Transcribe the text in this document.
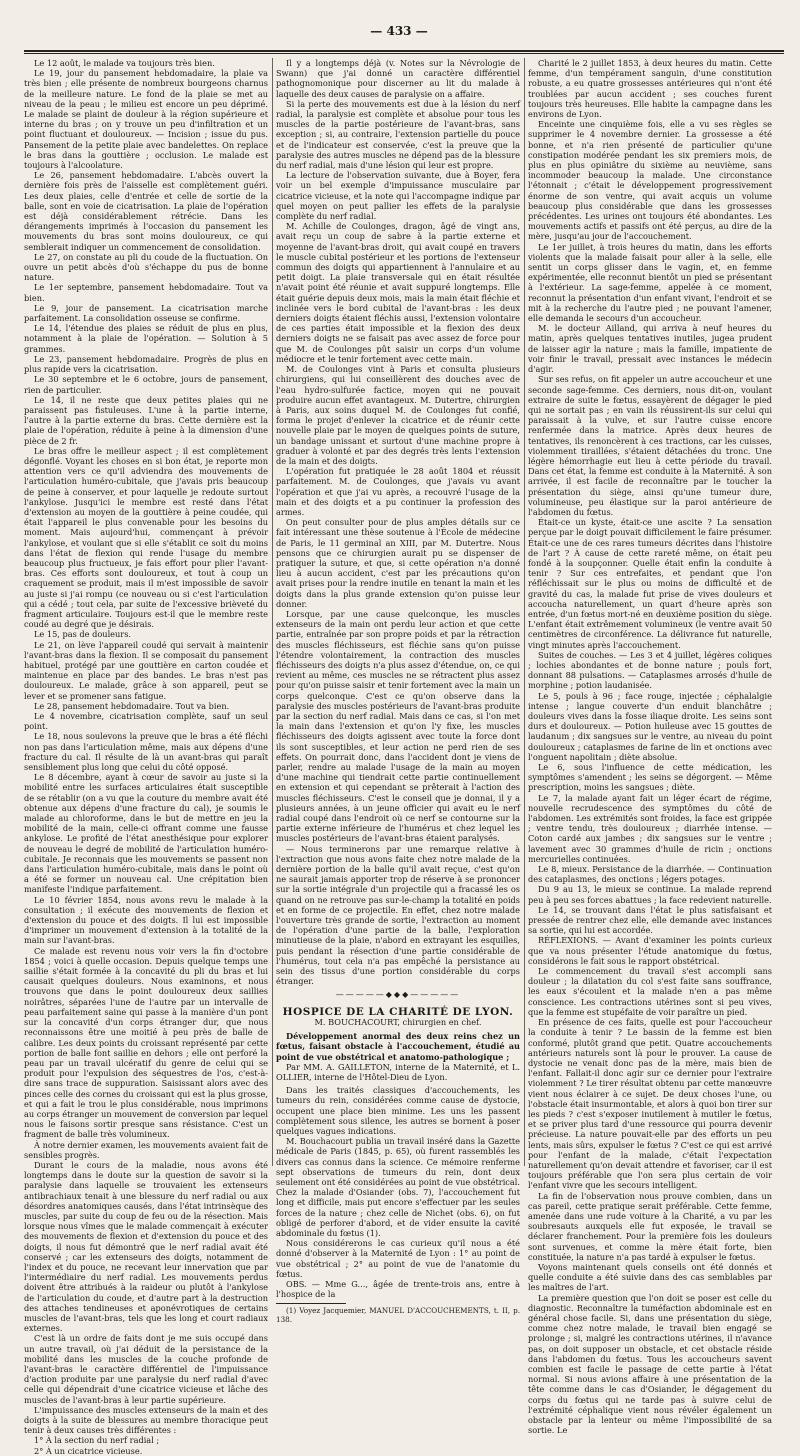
— 433 —

Le 12 août, le malade va toujours très bien.

Le 19, jour du pansement hebdomadaire, la plaie va très bien ; elle présente de nombreux bourgeons charnus de la meilleure nature. Le fond de la plaie se met au niveau de la peau ; le milieu est encore un peu déprimé. Le malade se plaint de douleur à la région supérieure et interne du bras ; on y trouve un peu d'infiltration et un point fluctuant et douloureux. — Incision ; issue du pus. Pansement de la petite plaie avec bandelettes. On replace le bras dans la gouttière ; occlusion. Le malade est toujours à l'alcoolature.

Le 26, pansement hebdomadaire. L'abcès ouvert la dernière fois près de l'aisselle est complètement guéri. Les deux plaies, celle d'entrée et celle de sortie de la balle, sont en voie de cicatrisation. La plaie de l'opération est déjà considérablement rétrécie. Dans les dérangements imprimés à l'occasion du pansement les mouvements du bras sont moins douloureux, ce qui semblerait indiquer un commencement de consolidation.

Le 27, on constate au pli du coude de la fluctuation. On ouvre un petit abcès d'où s'échappe du pus de bonne nature.

Le 1er septembre, pansement hebdomadaire. Tout va bien.

Le 9, jour de pansement. La cicatrisation marche parfaitement. La consolidation osseuse se confirme.

Le 14, l'étendue des plaies se réduit de plus en plus, notamment à la plaie de l'opération. — Solution à 5 grammes.

Le 23, pansement hebdomadaire. Progrès de plus en plus rapide vers la cicatrisation.

Le 30 septembre et le 6 octobre, jours de pansement, rien de particulier.

Le 14, il ne reste que deux petites plaies qui ne paraissent pas fistuleuses. L'une à la partie interne, l'autre à la partie externe du bras. Cette dernière est la plaie de l'opération, réduite à peine à la dimension d'une pièce de 2 fr.

Le bras offre le meilleur aspect ; il est complètement dégonflé. Voyant les choses en si bon état, je reporte mon attention vers ce qu'il adviendra des mouvements de l'articulation huméro-cubitale, que j'avais pris beaucoup de peine à conserver, et pour laquelle je redoute surtout l'ankylose. Jusqu'ici le membre est resté dans l'état d'extension au moyen de la gouttière à peine coudée, qui était l'appareil le plus convenable pour les besoins du moment. Mais aujourd'hui, commençant à prévoir l'ankylose, et voulant que si elle s'établit ce soit du moins dans l'état de flexion qui rende l'usage du membre beaucoup plus fructueux, je fais effort pour plier l'avant-bras. Ces efforts sont douloureux, et tout à coup un craquement se produit, mais il m'est impossible de savoir au juste si j'ai rompu (ce nouveau ou si c'est l'articulation qui a cédé ; tout cela, par suite de l'excessive brièveté du fragment articulaire. Toujours est-il que le membre reste coudé au degré que je désirais.

Le 15, pas de douleurs.

Le 21, on lève l'appareil coudé qui servait à maintenir l'avant-bras dans la flexion. Il se composait du pansement habituel, protégé par une gouttière en carton coudée et maintenue en place par des bandes. Le bras n'est pas douloureux. Le malade, grâce à son appareil, peut se lever et se promener sans fatigue.

Le 28, pansement hebdomadaire. Tout va bien.

Le 4 novembre, cicatrisation complète, sauf un seul point.

Le 18, nous soulevons la preuve que le bras a été fléchi non pas dans l'articulation même, mais aux dépens d'une fracture du cal. Il résulte de là un avant-bras qui paraît sensiblement plus long que celui du côté opposé.

Le 8 décembre, ayant à cœur de savoir au juste si la mobilité entre les surfaces articulaires était susceptible de se rétablir (on a vu que la couture du membre avait été obtenue aux dépens d'une fracture du cal), je soumis le malade au chloroforme, dans le but de mettre en jeu la mobilité de la main, celle-ci offrant comme une fausse ankylose. Le profité de l'état anesthésique pour explorer de nouveau le degré de mobilité de l'articulation huméro-cubitale. Je reconnais que les mouvements se passent non dans l'articulation huméro-cubitale, mais dans le point où a été se former un nouveau cal. Une crépitation bien manifeste l'indique parfaitement.

Le 10 février 1854, nous avons revu le malade à la consultation ; il exécute des mouvements de flexion et d'extension du pouce et des doigts. Il lui est impossible d'imprimer un mouvement d'extension à la totalité de la main sur l'avant-bras.

Ce malade est revenu nous voir vers la fin d'octobre 1854 ; voici à quelle occasion. Depuis quelque temps une saillie s'était formée à la concavité du pli du bras et lui causait quelques douleurs. Nous examinons, et nous trouvons que dans le point douloureux deux saillies noirâtres, séparées l'une de l'autre par un intervalle de peau parfaitement saine qui passe à la manière d'un pont sur la concavité d'un corps étranger dur, que nous reconnaissons être une moitié à peu près de balle de calibre. Les deux points du croissant représenté par cette portion de balle font saillie en dehors ; elle ont perforé la peau par un travail ulcératif du genre de celui qui se produit pour l'expulsion des séquestres de l'os, c'est-à-dire sans trace de suppuration. Saisissant alors avec des pinces celle des cornes du croissant qui est la plus grosse, et qui a fait le trou le plus considérable, nous imprimons au corps étranger un mouvement de conversion par lequel nous le faisons sortir presque sans résistance. C'est un fragment de balle très volumineux.

À notre dernier examen, les mouvements avaient fait de sensibles progrès.

Durant le cours de la maladie, nous avons été longtemps dans le doute sur la question de savoir si la paralysie dans laquelle se trouvaient les extenseurs antibrachiaux tenait à une blessure du nerf radial ou aux désordres anatomiques causés, dans l'état intrinsèque des muscles, par suite du coup de feu ou de la résection. Mais lorsque nous vîmes que le malade commençait à exécuter des mouvements de flexion et d'extension du pouce et des doigts, il nous fut démontré que le nerf radial avait été conservé ; car les extenseurs des doigts, notamment de l'index et du pouce, ne recevant leur innervation que par l'intermédiaire du nerf radial. Les mouvements perdus doivent être attribués à la raideur ou plutôt à l'ankylose de l'articulation du coude, et d'autre part à la destruction des attaches tendineuses et aponévrotiques de certains muscles de l'avant-bras, tels que les long et court radiaux externes.

C'est là un ordre de faits dont je me suis occupé dans un autre travail, où j'ai déduit de la persistance de la mobilité dans les muscles de la couche profonde de l'avant-bras le caractère différentiel de l'impuissance d'action produite par une paralysie du nerf radial d'avec celle qui dépendrait d'une cicatrice vicieuse et lâche des muscles de l'avant-bras à leur partie supérieure.

L'impuissance des muscles extenseurs de la main et des doigts à la suite de blessures au membre thoracique peut tenir à deux causes très différentes :

1° À la section du nerf radial ;

2° À un cicatrice vicieuse.

Il y a longtemps déjà (v. Notes sur la Névrologie de Swann) que j'ai donné un caractère différentiel pathognomonique pour discerner au lit du malade à laquelle des deux causes de paralysie on a affaire.

Si la perte des mouvements est due à la lésion du nerf radial, la paralysie est complète et absolue pour tous les muscles de la partie postérieure de l'avant-bras, sans exception ; si, au contraire, l'extension partielle du pouce et de l'indicateur est conservée, c'est la preuve que la paralysie des autres muscles ne dépend pas de la blessure du nerf radial, mais d'une lésion qui leur est propre.

La lecture de l'observation suivante, due à Boyer, fera voir un bel exemple d'impuissance musculaire par cicatrice vicieuse, et la note qui l'accompagne indique par quel moyen on peut pallier les effets de la paralysie complète du nerf radial.

M. Achille de Coulonges, dragon, âgé de vingt ans, avait reçu un coup de sabre à la partie externe et moyenne de l'avant-bras droit, qui avait coupé en travers le muscle cubital postérieur et les portions de l'extenseur commun des doigts qui appartiennent à l'annulaire et au petit doigt. La plaie transversale qui en était résultée n'avait point été réunie et avait suppuré longtemps. Elle était guérie depuis deux mois, mais la main était fléchie et inclinée vers le bord cubital de l'avant-bras : les deux derniers doigts étaient fléchis aussi, l'extension volontaire de ces parties était impossible et la flexion des deux derniers doigts ne se faisait pas avec assez de force pour que M. de Coulonges pût saisir un corps d'un volume médiocre et le tenir fortement avec cette main.

M. de Coulonges vint à Paris et consulta plusieurs chirurgiens, qui lui conseillèrent des douches avec de l'eau hydro-sulfurée factice, moyen qui ne pouvait produire aucun effet avantageux. M. Dutertre, chirurgien à Paris, aux soins duquel M. de Coulonges fut confié, forma le projet d'enlever la cicatrice et de réunir cette nouvelle plaie par le moyen de quelques points de suture, un bandage unissant et surtout d'une machine propre à graduer à volonté et par des degrés très lents l'extension de la main et des doigts.

L'opération fut pratiquée le 28 août 1804 et réussit parfaitement. M. de Coulonges, que j'avais vu avant l'opération et que j'ai vu après, a recouvré l'usage de la main et des doigts et a pu continuer la profession des armes.

On peut consulter pour de plus amples détails sur ce fait intéressant une thèse soutenue à l'École de médecine de Paris, le 11 germinal an XIII, par M. Dutertre. Nous pensons que ce chirurgien aurait pu se dispenser de pratiquer la suture, et que, si cette opération n'a donné lieu à aucun accident, c'est par les précautions qu'on avait prises pour la rendre inutile en tenant la main et les doigts dans la plus grande extension qu'on puisse leur donner.

Lorsque, par une cause quelconque, les muscles extenseurs de la main ont perdu leur action et que cette partie, entraînée par son propre poids et par la rétraction des muscles fléchisseurs, est fléchie sans qu'on puisse l'étendre volontairement, la contraction des muscles fléchisseurs des doigts n'a plus assez d'étendue, on, ce qui revient au même, ces muscles ne se rétractent plus assez pour qu'on puisse saisir et tenir fortement avec la main un corps quelconque. C'est ce qu'on observe dans la paralysie des muscles postérieurs de l'avant-bras produite par la section du nerf radial. Mais dans ce cas, si l'on met la main dans l'extension et qu'on l'y fixe, les muscles fléchisseurs des doigts agissent avec toute la force dont ils sont susceptibles, et leur action ne perd rien de ses effets. On pourrait donc, dans l'accident dont je viens de parler, rendre au malade l'usage de la main au moyen d'une machine qui tiendrait cette partie continuellement en extension et qui cependant se prêterait à l'action des muscles fléchisseurs. C'est le conseil que je donnai, il y a plusieurs années, à un jeune officier qui avait eu le nerf radial coupé dans l'endroit où ce nerf se contourne sur la partie externe inférieure de l'humérus et chez lequel les muscles postérieurs de l'avant-bras étaient paralysés.

— Nous terminerons par une remarque relative à l'extraction que nous avons faite chez notre malade de la dernière portion de la balle qu'il avait reçue, c'est qu'on ne saurait jamais apporter trop de réserve à se prononcer sur la sortie intégrale d'un projectile qui a fracassé les os quand on ne retrouve pas sur-le-champ la totalité en poids et en forme de ce projectile. En effet, chez notre malade l'ouverture très grande de sortie, l'extraction au moment de l'opération d'une partie de la balle, l'exploration minutieuse de la plaie, n'abord en extrayant les esquilles, puis pendant la résection d'une partie considérable de l'humérus, tout cela n'a pas empêché la persistance au sein des tissus d'une portion considérable du corps étranger.

—————◆◆◆—————

HOSPICE DE LA CHARITÉ DE LYON.

M. BOUCHACOURT, chirurgien en chef.

Développement anormal des deux reins chez un fœtus, faisant obstacle à l'accouchement, étudié au point de vue obstétrical et anatomo-pathologique ;

Par MM. A. GAILLETON, interne de la Maternité, et L. OLLIER, interne de l'Hôtel-Dieu de Lyon.

Dans les traités classiques d'accouchements, les tumeurs du rein, considérées comme cause de dystocie, occupent une place bien minime. Les uns les passent complètement sous silence, les autres se bornent à poser quelques vagues indications.

M. Bouchacourt publia un travail inséré dans la Gazette médicale de Paris (1845, p. 65), où furent rassemblés les divers cas connus dans la science. Ce mémoire renferme sept observations de tumeurs du rein, dont deux seulement ont été considérées au point de vue obstétrical. Chez la malade d'Osiander (obs. 7), l'accouchement fut long et difficile, mais put encore s'effectuer par les seules forces de la nature ; chez celle de Nichet (obs. 6), on fut obligé de perforer d'abord, et de vider ensuite la cavité abdominale du fœtus (1).

Nous considérerons le cas curieux qu'il nous a été donné d'observer à la Maternité de Lyon : 1° au point de vue obstétrical ; 2° au point de vue de l'anatomie du fœtus.

OBS. — Mme G..., âgée de trente-trois ans, entre à l'hospice de la

(1) Voyez Jacquemier, MANUEL D'ACCOUCHEMENTS, t. II, p. 138.

Charité le 2 juillet 1853, à deux heures du matin. Cette femme, d'un tempérament sanguin, d'une constitution robuste, a eu quatre grossesses antérieures qui n'ont été troublées par aucun accident ; ses couches furent toujours très heureuses. Elle habite la campagne dans les environs de Lyon.

Enceinte une cinquième fois, elle a vu ses règles se supprimer le 4 novembre dernier. La grossesse a été bonne, et n'a rien présenté de particulier qu'une constipation modérée pendant les six premiers mois, de plus en plus opiniâtre du sixième au neuvième, sans incommoder beaucoup la malade. Une circonstance l'étonnait ; c'était le développement progressivement énorme de son ventre, qui avait acquis un volume beaucoup plus considérable que dans les grossesses précédentes. Les urines ont toujours été abondantes. Les mouvements actifs et passifs ont été perçus, au dire de la mère, jusqu'au jour de l'accouchement.

Le 1er juillet, à trois heures du matin, dans les efforts violents que la malade faisait pour aller à la selle, elle sentit un corps glisser dans le vagin, et, en femme expérimentée, elle reconnut bientôt un pied se présentant à l'extérieur. La sage-femme, appelée à ce moment, reconnut la présentation d'un enfant vivant, l'endroit et se mit à la recherche du l'autre pied ; ne pouvant l'amener, elle demanda le secours d'un accoucheur.

M. le docteur Ailland, qui arriva à neuf heures du matin, après quelques tentatives inutiles, jugea prudent de laisser agir la nature ; mais la famille, impatiente de voir finir le travail, pressait avec instances le médecin d'agir.

Sur ses refus, on fit appeler un autre accoucheur et une seconde sage-femme. Ces derniers, nous dit-on, voulant extraire de suite le fœtus, essayèrent de dégager le pied qui ne sortait pas ; en vain ils réussirent-ils sur celui qui paraissait à la vulve, et sur l'autre cuisse encore renfermée dans la matrice. Après deux heures de tentatives, ils renoncèrent à ces tractions, car les cuisses, violemment tiraillées, s'étaient détachées du tronc. Une légère hémorrhagie eut lieu à cette période du travail. Dans cet état, la femme est conduite à la Maternité. À son arrivée, il est facile de reconnaître par le toucher la présentation du siège, ainsi qu'une tumeur dure, volumineuse, peu élastique sur la paroi antérieure de l'abdomen du fœtus.

Était-ce un kyste, était-ce une ascite ? La sensation perçue par le doigt pouvait difficilement le faire présumer. Était-ce une de ces rares tumeurs décrites dans l'histoire de l'art ? À cause de cette rareté même, on était peu fondé à la soupçonner. Quelle était enfin la conduite à tenir ? Sur ces entrefaites, et pendant que l'on réfléchissait sur le plus ou moins de difficulté et de gravité du cas, la malade fut prise de vives douleurs et accoucha naturellement, un quart d'heure après son entrée, d'un fœtus mort-né en deuxième position du siège. L'enfant était extrêmement volumineux (le ventre avait 50 centimètres de circonférence. La délivrance fut naturelle, vingt minutes après l'accouchement.

Suites de couches. — Les 3 et 4 juillet, légères coliques ; lochies abondantes et de bonne nature ; pouls fort, donnant 88 pulsations. — Cataplasmes arrosés d'huile de morphine ; potion laudanisée.

Le 5, pouls à 96 ; face rouge, injectée ; céphalalgie intense ; langue couverte d'un enduit blanchâtre ; douleurs vives dans la fosse iliaque droite. Les seins sont durs et douloureux. — Potion huileuse avec 15 gouttes de laudanum ; dix sangsues sur le ventre, au niveau du point douloureux ; cataplasmes de farine de lin et onctions avec l'onguent napolitain ; diète absolue.

Le 6, sous l'influence de cette médication, les symptômes s'amendent ; les seins se dégorgent. — Même prescription, moins les sangsues ; diète.

Le 7, la malade ayant fait un léger écart de régime, nouvelle recrudescence des symptômes du côté de l'abdomen. Les extrémités sont froides, la face est grippée ; ventre tendu, très douloureux ; diarrhée intense. — Coton cardé aux jambes ; dix sangsues sur le ventre ; lavement avec 30 grammes d'huile de ricin ; onctions mercurielles continuées.

Le 8, mieux. Persistance de la diarrhée. — Continuation des cataplasmes, des onctions ; légers potages.

Du 9 au 13, le mieux se continue. La malade reprend peu à peu ses forces abattues ; la face redevient naturelle.

Le 14, se trouvant dans l'état le plus satisfaisant et pressée de rentrer chez elle, elle demande avec instances sa sortie, qui lui est accordée.

RÉFLEXIONS. — Avant d'examiner les points curieux que va nous présenter l'étude anatomique du fœtus, considérons le fait sous le rapport obstétrical.

Le commencement du travail s'est accompli sans douleur ; la dilatation du col s'est faite sans souffrance, les eaux s'écoulent et la malade n'en a pas même conscience. Les contractions utérines sont si peu vives, que la femme est stupéfaite de voir paraître un pied.

En présence de ces faits, quelle est pour l'accoucheur la conduite à tenir ? Le bassin de la femme est bien conformé, plutôt grand que petit. Quatre accouchements antérieurs naturels sont là pour le prouver. La cause de dystocie ne venait donc pas de la mère, mais bien de l'enfant. Fallait-il donc agir sur ce dernier pour l'extraire violemment ? Le tirer résultat obtenu par cette manœuvre vient nous éclairer à ce sujet. De deux choses l'une, ou l'obstacle était insurmontable, et alors à quoi bon tirer sur les pieds ? c'est s'exposer inutilement à mutiler le fœtus, et se priver plus tard d'une ressource qui pourra devenir précieuse. La nature pouvait-elle par des efforts un peu lents, mais sûrs, expulser le fœtus ? C'est ce qui est arrivé pour l'enfant de la malade, c'était l'expectation naturellement qu'on devait attendre et favoriser, car il est toujours préférable que l'on sera plus certain de voir l'enfant vivre que les secours intelligent.

La fin de l'observation nous prouve combien, dans un cas pareil, cette pratique serait préférable. Cette femme, amenée dans une rude voiture à la Charité, a vu par les soubresauts auxquels elle fut exposée, le travail se déclarer franchement. Pour la première fois les douleurs sont survenues, et comme la mère était forte, bien constituée, la nature n'a pas tardé à expulser le fœtus.

Voyons maintenant quels conseils ont été donnés et quelle conduite a été suivie dans des cas semblables par les maîtres de l'art.

La première question que l'on doit se poser est celle du diagnostic. Reconnaître la tuméfaction abdominale est en général chose facile. Si, dans une présentation du siège, comme chez notre malade, le travail bien engagé se prolonge ; si, malgré les contractions utérines, il n'avance pas, on doit supposer un obstacle, et cet obstacle réside dans l'abdomen du fœtus. Tous les accoucheurs savent combien est facile le passage de cette partie à l'état normal. Si nous avions affaire à une présentation de la tête comme dans le cas d'Osiander, le dégagement du corps du fœtus qui ne tarde pas à suivre celui de l'extrémité céphalique vient nous révéler également un obstacle par la lenteur ou même l'impossibilité de sa sortie. Le
